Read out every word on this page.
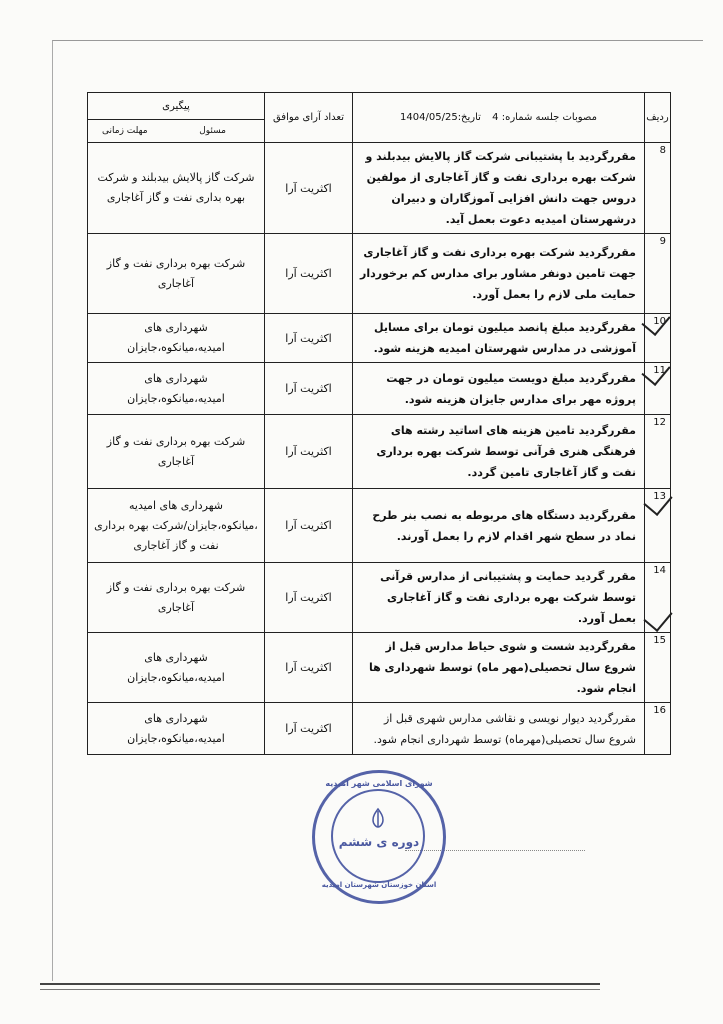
ردیف	مصوبات جلسه شماره: 4 تاریخ:1404/05/25	تعداد آرای موافق	پیگیری

			مسئول
مهلت زمانی

8	مقررگردید با پشتیبانی شرکت گاز پالایش بیدبلند و شرکت بهره برداری نفت و گاز آغاجاری از مولفین دروس جهت دانش افزایی آموزگاران و دبیران درشهرستان امیدیه دعوت بعمل آید.	اکثریت آرا	شرکت گاز پالایش بیدبلند و شرکت بهره بداری نفت و گاز آغاجاری
9	مقررگردید شرکت بهره برداری نفت و گاز آغاجاری جهت تامین دونفر مشاور برای مدارس کم برخوردار حمایت ملی لازم را بعمل آورد.	اکثریت آرا	شرکت بهره برداری نفت و گاز آغاجاری
10	مقررگردید مبلغ پانصد میلیون تومان برای مسایل آموزشی در مدارس شهرستان امیدیه هزینه شود.	اکثریت آرا	شهرداری های امیدیه،میانکوه،جایزان
11	مقررگردید مبلغ دویست میلیون تومان در جهت پروژه مهر برای مدارس جایزان هزینه شود.	اکثریت آرا	شهرداری های امیدیه،میانکوه،جایزان
12	مقررگردید تامین هزینه های اساتید رشته های فرهنگی هنری قرآنی توسط شرکت بهره برداری نفت و گاز آغاجاری تامین گردد.	اکثریت آرا	شرکت بهره برداری نفت و گاز آغاجاری
13	مقررگردید دستگاه های مربوطه به نصب بنر طرح نماد در سطح شهر اقدام لازم را بعمل آورند.	اکثریت آرا	شهرداری های امیدیه ،میانکوه،جایزان/شرکت بهره برداری نفت و گاز آغاجاری
14	مقرر گردید حمایت و پشتیبانی از مدارس قرآنی توسط شرکت بهره برداری نفت و گاز آغاجاری بعمل آورد.	اکثریت آرا	شرکت بهره برداری نفت و گاز آغاجاری
15	مقررگردید شست و شوی حیاط مدارس قبل از شروع سال تحصیلی(مهر ماه) توسط شهرداری ها انجام شود.	اکثریت آرا	شهرداری های امیدیه،میانکوه،جایزان
16	مقررگردید دیوار نویسی و نقاشی مدارس شهری قبل از شروع سال تحصیلی(مهرماه) توسط شهرداری انجام شود.	اکثریت آرا	شهرداری های امیدیه،میانکوه،جایزان
شورای اسلامی شهر امیدیه
دوره ی ششم
استان خوزستان شهرستان امیدیه
